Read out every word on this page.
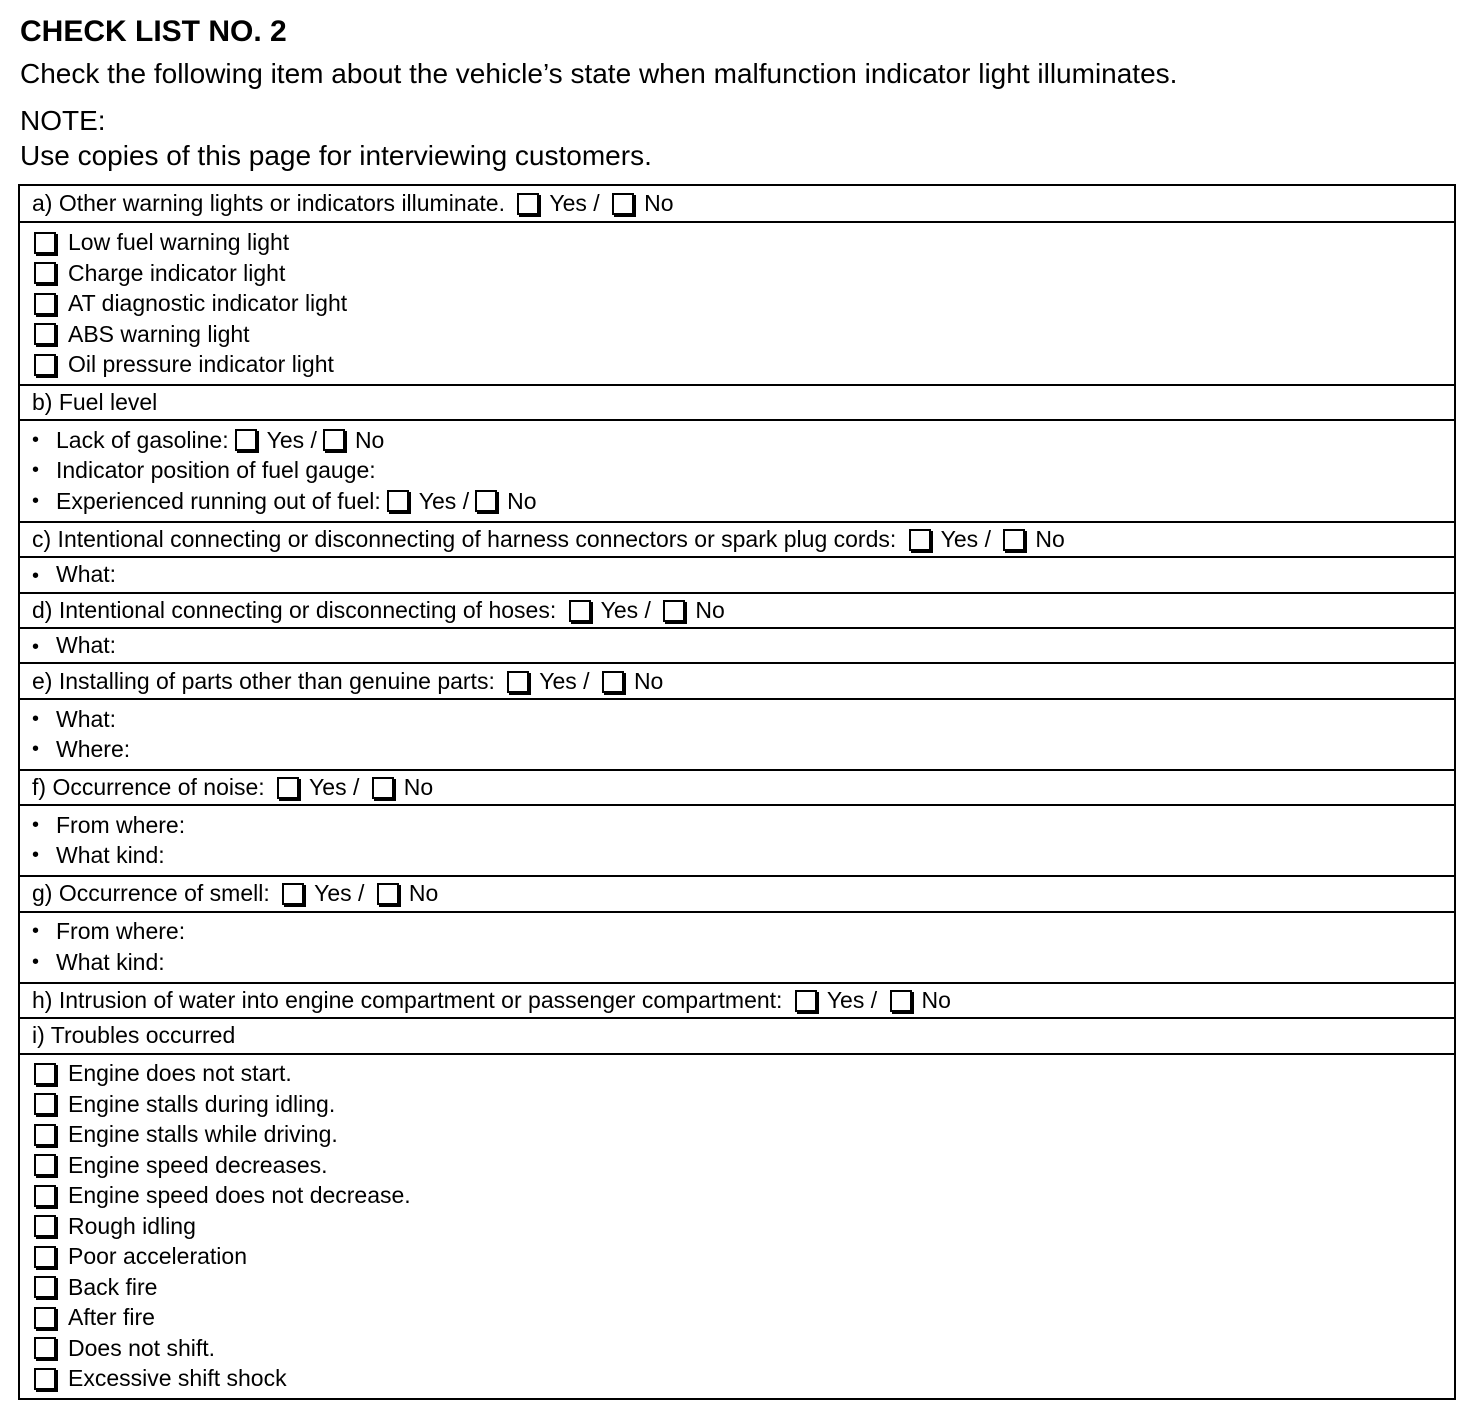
CHECK LIST NO. 2
Check the following item about the vehicle’s state when malfunction indicator light illuminates.
NOTE:
Use copies of this page for interviewing customers.
a) Other warning lights or indicators illuminate. Yes / No
Low fuel warning light
Charge indicator light
AT diagnostic indicator light
ABS warning light
Oil pressure indicator light
b) Fuel level
• Lack of gasoline: Yes / No
• Indicator position of fuel gauge:
• Experienced running out of fuel: Yes / No
c) Intentional connecting or disconnecting of harness connectors or spark plug cords: Yes / No
• What:
d) Intentional connecting or disconnecting of hoses: Yes / No
• What:
e) Installing of parts other than genuine parts: Yes / No
• What:
• Where:
f) Occurrence of noise: Yes / No
• From where:
• What kind:
g) Occurrence of smell: Yes / No
• From where:
• What kind:
h) Intrusion of water into engine compartment or passenger compartment: Yes / No
i) Troubles occurred
Engine does not start.
Engine stalls during idling.
Engine stalls while driving.
Engine speed decreases.
Engine speed does not decrease.
Rough idling
Poor acceleration
Back fire
After fire
Does not shift.
Excessive shift shock
